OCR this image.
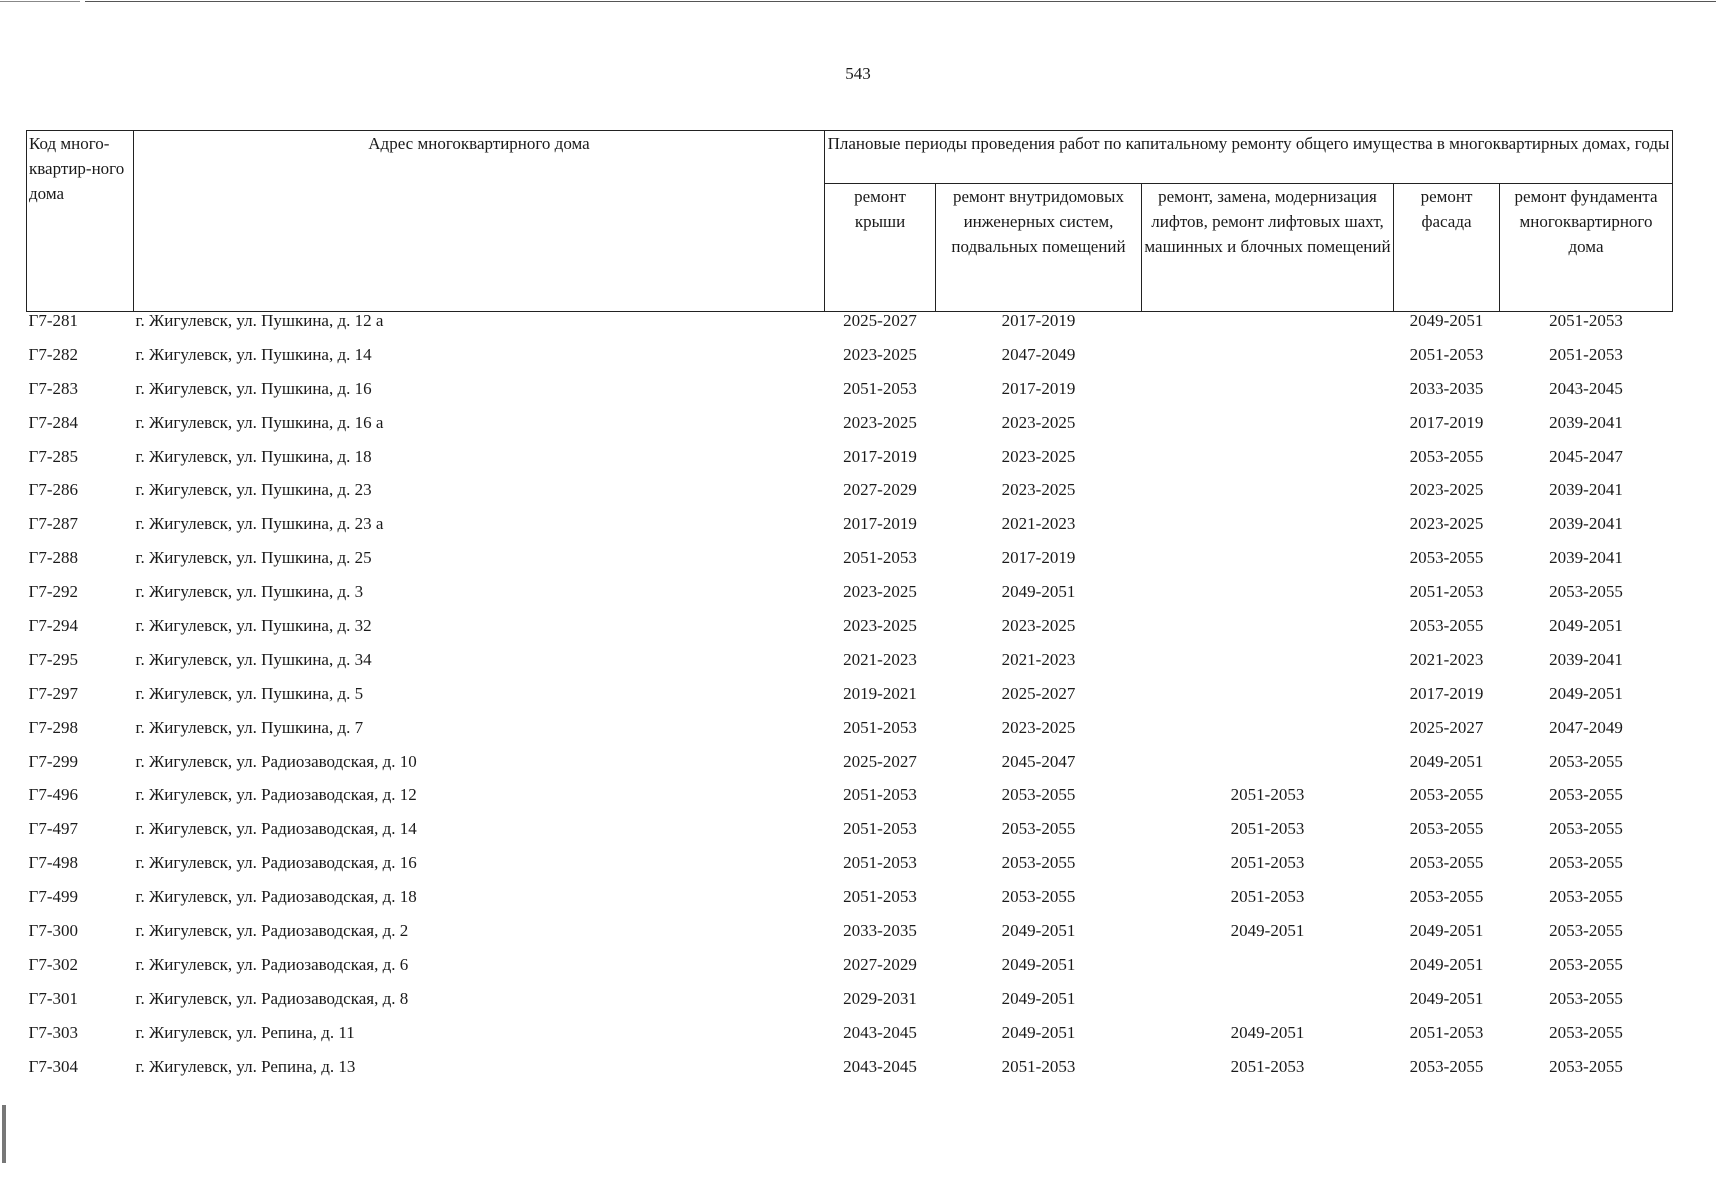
543
Код много-квартир-ного дома	Адрес многоквартирного дома	Плановые периоды проведения работ по капитальному ремонту общего имущества в многоквартирных домах, годы				
		ремонт крыши	ремонт внутридомовых инженерных систем, подвальных помещений	ремонт, замена, модернизация лифтов, ремонт лифтовых шахт, машинных и блочных помещений	ремонт фасада	ремонт фундамента многоквартирного дома
Г7-281	г. Жигулевск, ул. Пушкина, д. 12 а	2025-2027	2017-2019		2049-2051	2051-2053
Г7-282	г. Жигулевск, ул. Пушкина, д. 14	2023-2025	2047-2049		2051-2053	2051-2053
Г7-283	г. Жигулевск, ул. Пушкина, д. 16	2051-2053	2017-2019		2033-2035	2043-2045
Г7-284	г. Жигулевск, ул. Пушкина, д. 16 а	2023-2025	2023-2025		2017-2019	2039-2041
Г7-285	г. Жигулевск, ул. Пушкина, д. 18	2017-2019	2023-2025		2053-2055	2045-2047
Г7-286	г. Жигулевск, ул. Пушкина, д. 23	2027-2029	2023-2025		2023-2025	2039-2041
Г7-287	г. Жигулевск, ул. Пушкина, д. 23 а	2017-2019	2021-2023		2023-2025	2039-2041
Г7-288	г. Жигулевск, ул. Пушкина, д. 25	2051-2053	2017-2019		2053-2055	2039-2041
Г7-292	г. Жигулевск, ул. Пушкина, д. 3	2023-2025	2049-2051		2051-2053	2053-2055
Г7-294	г. Жигулевск, ул. Пушкина, д. 32	2023-2025	2023-2025		2053-2055	2049-2051
Г7-295	г. Жигулевск, ул. Пушкина, д. 34	2021-2023	2021-2023		2021-2023	2039-2041
Г7-297	г. Жигулевск, ул. Пушкина, д. 5	2019-2021	2025-2027		2017-2019	2049-2051
Г7-298	г. Жигулевск, ул. Пушкина, д. 7	2051-2053	2023-2025		2025-2027	2047-2049
Г7-299	г. Жигулевск, ул. Радиозаводская, д. 10	2025-2027	2045-2047		2049-2051	2053-2055
Г7-496	г. Жигулевск, ул. Радиозаводская, д. 12	2051-2053	2053-2055	2051-2053	2053-2055	2053-2055
Г7-497	г. Жигулевск, ул. Радиозаводская, д. 14	2051-2053	2053-2055	2051-2053	2053-2055	2053-2055
Г7-498	г. Жигулевск, ул. Радиозаводская, д. 16	2051-2053	2053-2055	2051-2053	2053-2055	2053-2055
Г7-499	г. Жигулевск, ул. Радиозаводская, д. 18	2051-2053	2053-2055	2051-2053	2053-2055	2053-2055
Г7-300	г. Жигулевск, ул. Радиозаводская, д. 2	2033-2035	2049-2051	2049-2051	2049-2051	2053-2055
Г7-302	г. Жигулевск, ул. Радиозаводская, д. 6	2027-2029	2049-2051		2049-2051	2053-2055
Г7-301	г. Жигулевск, ул. Радиозаводская, д. 8	2029-2031	2049-2051		2049-2051	2053-2055
Г7-303	г. Жигулевск, ул. Репина, д. 11	2043-2045	2049-2051	2049-2051	2051-2053	2053-2055
Г7-304	г. Жигулевск, ул. Репина, д. 13	2043-2045	2051-2053	2051-2053	2053-2055	2053-2055
